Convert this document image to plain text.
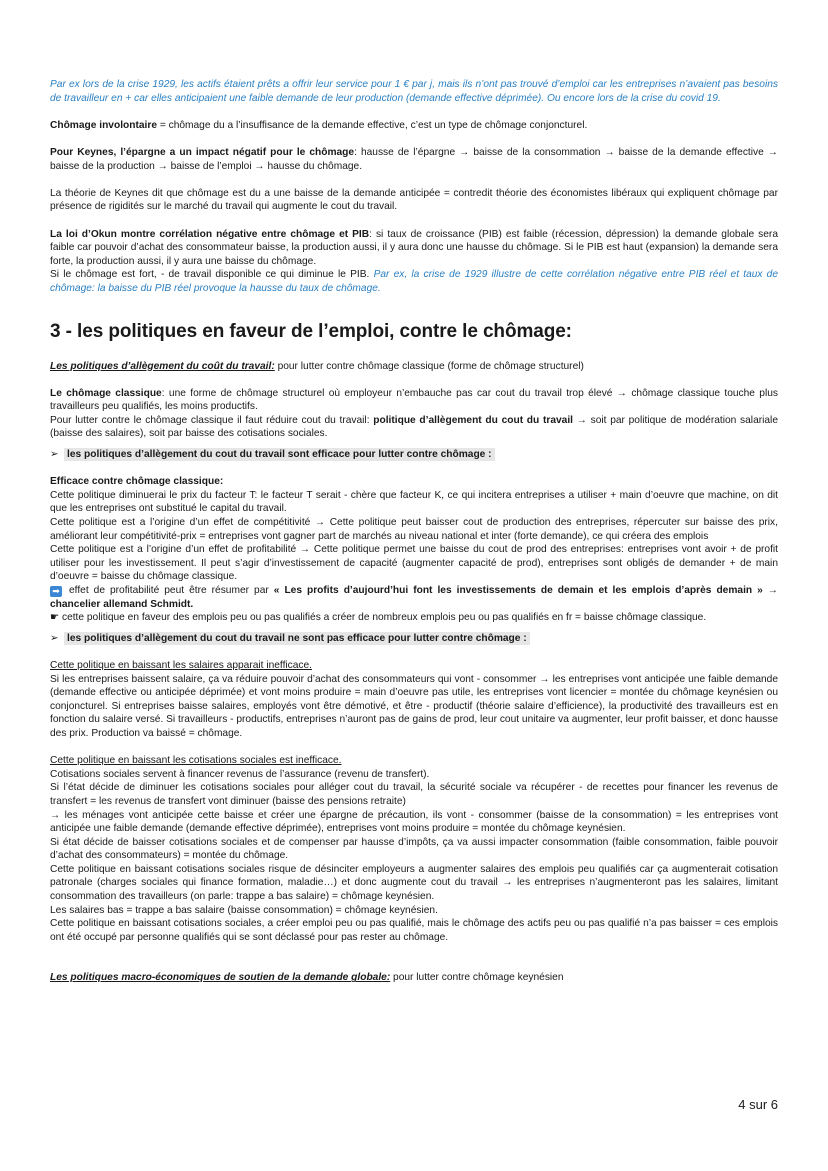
Par ex lors de la crise 1929, les actifs étaient prêts a offrir leur service pour 1 € par j, mais ils n’ont pas trouvé d’emploi car les entreprises n’avaient pas besoins de travailleur en + car elles anticipaient une faible demande de leur production (demande effective déprimée). Ou encore lors de la crise du covid 19.

Chômage involontaire = chômage du a l’insuffisance de la demande effective, c’est un type de chômage conjoncturel.

Pour Keynes, l’épargne a un impact négatif pour le chômage: hausse de l’épargne → baisse de la consommation → baisse de la demande effective → baisse de la production → baisse de l’emploi → hausse du chômage.

La théorie de Keynes dit que chômage est du a une baisse de la demande anticipée = contredit théorie des économistes libéraux qui expliquent chômage par présence de rigidités sur le marché du travail qui augmente le cout du travail.

La loi d’Okun montre corrélation négative entre chômage et PIB: si taux de croissance (PIB) est faible (récession, dépression) la demande globale sera faible car pouvoir d’achat des consommateur baisse, la production aussi, il y aura donc une hausse du chômage. Si le PIB est haut (expansion) la demande sera forte, la production aussi, il y aura une baisse du chômage.

Si le chômage est fort, - de travail disponible ce qui diminue le PIB. Par ex, la crise de 1929 illustre de cette corrélation négative entre PIB réel et taux de chômage: la baisse du PIB réel provoque la hausse du taux de chômage.

3 - les politiques en faveur de l’emploi, contre le chômage:

Les politiques d’allègement du coût du travail: pour lutter contre chômage classique (forme de chômage structurel)

Le chômage classique: une forme de chômage structurel où employeur n’embauche pas car cout du travail trop élevé → chômage classique touche plus travailleurs peu qualifiés, les moins productifs.

Pour lutter contre le chômage classique il faut réduire cout du travail: politique d’allègement du cout du travail → soit par politique de modération salariale (baisse des salaires), soit par baisse des cotisations sociales.

➢ les politiques d’allègement du cout du travail sont efficace pour lutter contre chômage :

Efficace contre chômage classique:

Cette politique diminuerai le prix du facteur T: le facteur T serait - chère que facteur K, ce qui incitera entreprises a utiliser + main d’oeuvre que machine, on dit que les entreprises ont substitué le capital du travail.

Cette politique est a l’origine d’un effet de compétitivité → Cette politique peut baisser cout de production des entreprises, répercuter sur baisse des prix, améliorant leur compétitivité-prix = entreprises vont gagner part de marchés au niveau national et inter (forte demande), ce qui créera des emplois

Cette politique est a l’origine d’un effet de profitabilité → Cette politique permet une baisse du cout de prod des entreprises: entreprises vont avoir + de profit utiliser pour les investissement. Il peut s’agir d’investissement de capacité (augmenter capacité de prod), entreprises sont obligés de demander + de main d’oeuvre = baisse du chômage classique.

➡ effet de profitabilité peut être résumer par « Les profits d’aujourd’hui font les investissements de demain et les emplois d’après demain » → chancelier allemand Schmidt.

☛ cette politique en faveur des emplois peu ou pas qualifiés a créer de nombreux emplois peu ou pas qualifiés en fr = baisse chômage classique.

➢ les politiques d’allègement du cout du travail ne sont pas efficace pour lutter contre chômage :

Cette politique en baissant les salaires apparait inefficace.

Si les entreprises baissent salaire, ça va réduire pouvoir d’achat des consommateurs qui vont - consommer → les entreprises vont anticipée une faible demande (demande effective ou anticipée déprimée) et vont moins produire = main d’oeuvre pas utile, les entreprises vont licencier = montée du chômage keynésien ou conjoncturel. Si entreprises baisse salaires, employés vont être démotivé, et être - productif (théorie salaire d’efficience), la productivité des travailleurs est en fonction du salaire versé. Si travailleurs - productifs, entreprises n’auront pas de gains de prod, leur cout unitaire va augmenter, leur profit baisser, et donc hausse des prix. Production va baissé = chômage.

Cette politique en baissant les cotisations sociales est inefficace.

Cotisations sociales servent à financer revenus de l’assurance (revenu de transfert).

Si l’état décide de diminuer les cotisations sociales pour alléger cout du travail, la sécurité sociale va récupérer - de recettes pour financer les revenus de transfert = les revenus de transfert vont diminuer (baisse des pensions retraite)

→ les ménages vont anticipée cette baisse et créer une épargne de précaution, ils vont - consommer (baisse de la consommation) = les entreprises vont anticipée une faible demande (demande effective déprimée), entreprises vont moins produire = montée du chômage keynésien.

Si état décide de baisser cotisations sociales et de compenser par hausse d’impôts, ça va aussi impacter consommation (faible consommation, faible pouvoir d’achat des consommateurs) = montée du chômage.

Cette politique en baissant cotisations sociales risque de désinciter employeurs a augmenter salaires des emplois peu qualifiés car ça augmenterait cotisation patronale (charges sociales qui finance formation, maladie…) et donc augmente cout du travail → les entreprises n’augmenteront pas les salaires, limitant consommation des travailleurs (on parle: trappe a bas salaire) = chômage keynésien.

Les salaires bas = trappe a bas salaire (baisse consommation) = chômage keynésien.

Cette politique en baissant cotisations sociales, a créer emploi peu ou pas qualifié, mais le chômage des actifs peu ou pas qualifié n’a pas baisser = ces emplois ont été occupé par personne qualifiés qui se sont déclassé pour pas rester au chômage.

Les politiques macro-économiques de soutien de la demande globale: pour lutter contre chômage keynésien

4 sur 6
